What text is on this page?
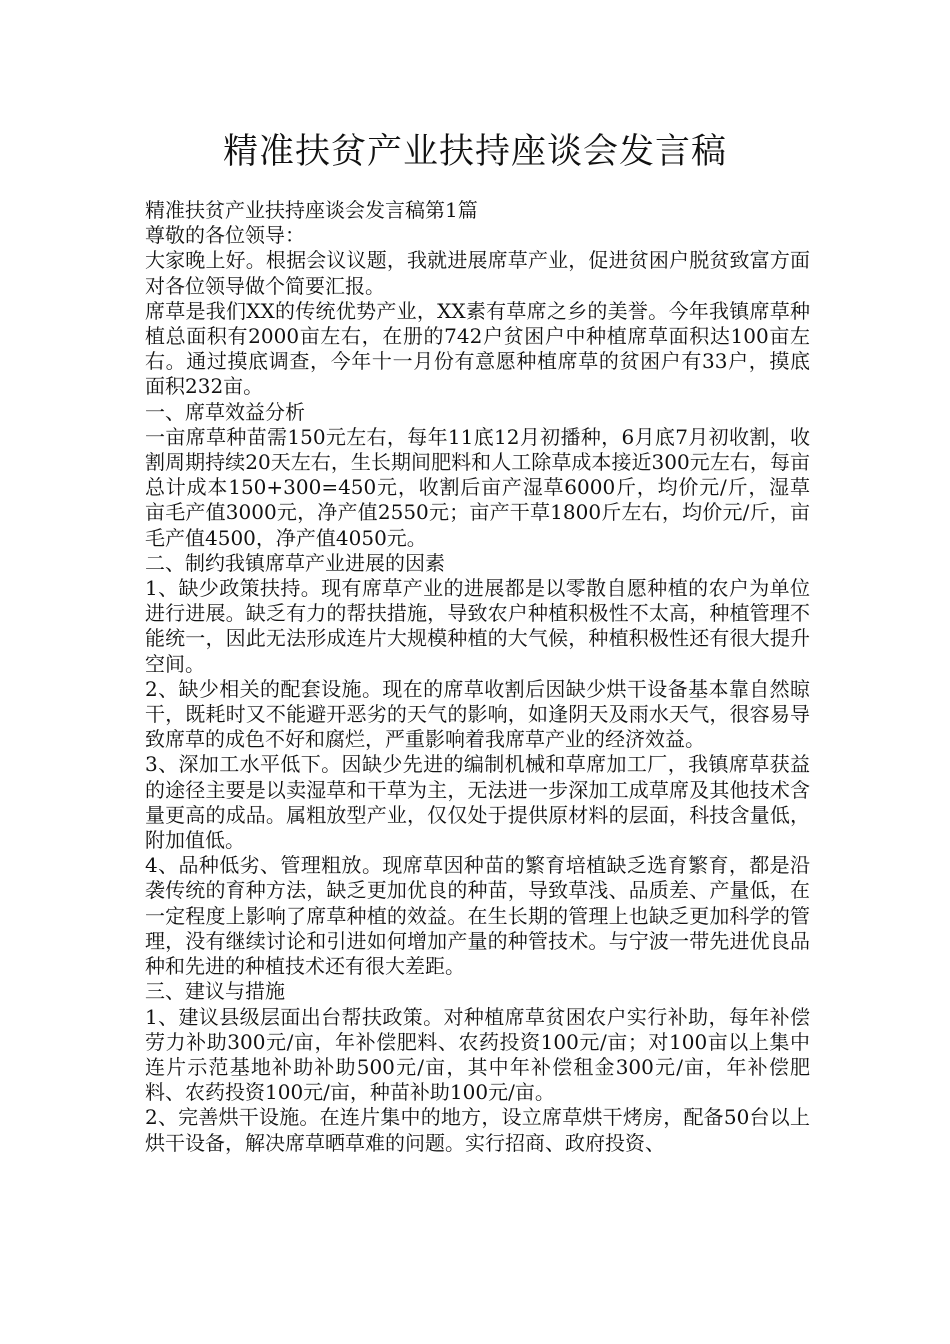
精准扶贫产业扶持座谈会发言稿

精准扶贫产业扶持座谈会发言稿第1篇

尊敬的各位领导：

大家晚上好。根据会议议题，我就进展席草产业，促进贫困户脱贫致富方面对各位领导做个简要汇报。

席草是我们XX的传统优势产业，XX素有草席之乡的美誉。今年我镇席草种植总面积有2000亩左右，在册的742户贫困户中种植席草面积达100亩左右。通过摸底调查，今年十一月份有意愿种植席草的贫困户有33户，摸底面积232亩。

一、席草效益分析

一亩席草种苗需150元左右，每年11底12月初播种，6月底7月初收割，收割周期持续20天左右，生长期间肥料和人工除草成本接近300元左右，每亩总计成本150+300=450元，收割后亩产湿草6000斤，均价元/斤，湿草亩毛产值3000元，净产值2550元；亩产干草1800斤左右，均价元/斤，亩毛产值4500，净产值4050元。

二、制约我镇席草产业进展的因素

1、缺少政策扶持。现有席草产业的进展都是以零散自愿种植的农户为单位进行进展。缺乏有力的帮扶措施，导致农户种植积极性不太高，种植管理不能统一，因此无法形成连片大规模种植的大气候，种植积极性还有很大提升空间。

2、缺少相关的配套设施。现在的席草收割后因缺少烘干设备基本靠自然晾干，既耗时又不能避开恶劣的天气的影响，如逢阴天及雨水天气，很容易导致席草的成色不好和腐烂，严重影响着我席草产业的经济效益。

3、深加工水平低下。因缺少先进的编制机械和草席加工厂，我镇席草获益的途径主要是以卖湿草和干草为主，无法进一步深加工成草席及其他技术含量更高的成品。属粗放型产业，仅仅处于提供原材料的层面，科技含量低，附加值低。

4、品种低劣、管理粗放。现席草因种苗的繁育培植缺乏选育繁育，都是沿袭传统的育种方法，缺乏更加优良的种苗，导致草浅、品质差、产量低，在一定程度上影响了席草种植的效益。在生长期的管理上也缺乏更加科学的管理，没有继续讨论和引进如何增加产量的种管技术。与宁波一带先进优良品种和先进的种植技术还有很大差距。

三、建议与措施

1、建议县级层面出台帮扶政策。对种植席草贫困农户实行补助，每年补偿劳力补助300元/亩，年补偿肥料、农药投资100元/亩；对100亩以上集中连片示范基地补助补助500元/亩，其中年补偿租金300元/亩，年补偿肥料、农药投资100元/亩，种苗补助100元/亩。

2、完善烘干设施。在连片集中的地方，设立席草烘干烤房，配备50台以上烘干设备，解决席草晒草难的问题。实行招商、政府投资、
